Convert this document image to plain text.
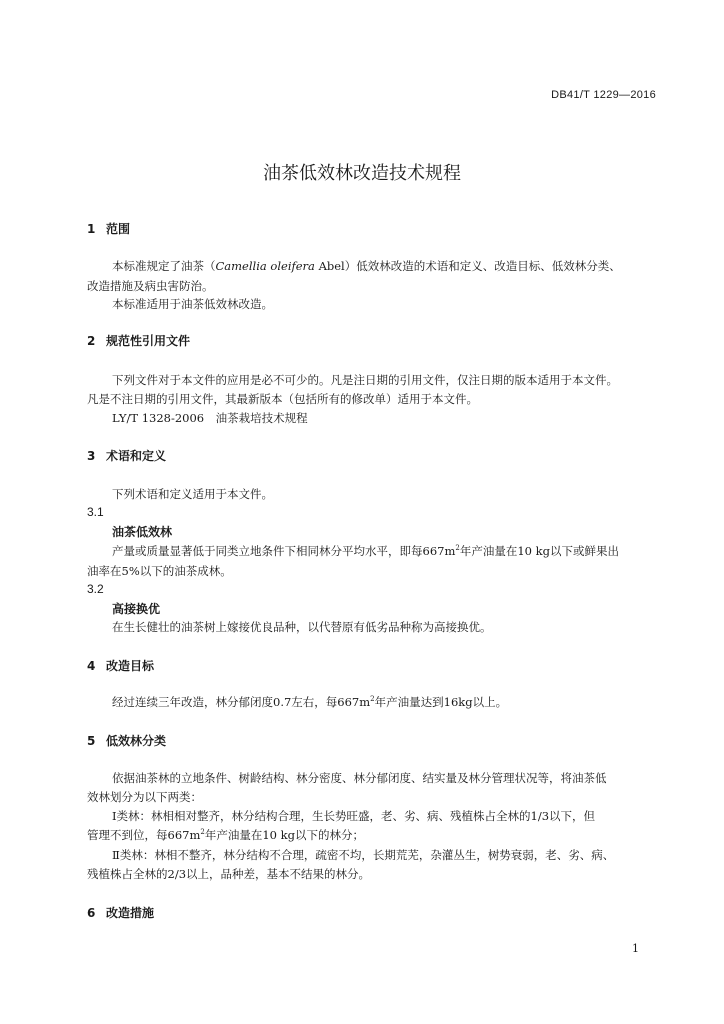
DB41/T 1229—2016
油茶低效林改造技术规程
1 范围
本标准规定了油茶（Camellia oleifera Abel）低效林改造的术语和定义、改造目标、低效林分类、
改造措施及病虫害防治。
本标准适用于油茶低效林改造。
2 规范性引用文件
下列文件对于本文件的应用是必不可少的。凡是注日期的引用文件，仅注日期的版本适用于本文件。
凡是不注日期的引用文件，其最新版本（包括所有的修改单）适用于本文件。
LY/T 1328-2006　油茶栽培技术规程
3 术语和定义
下列术语和定义适用于本文件。
3.1
油茶低效林
产量或质量显著低于同类立地条件下相同林分平均水平，即每$667m^2$年产油量在10 kg以下或鲜果出
油率在5%以下的油茶成林。
3.2
高接换优
在生长健壮的油茶树上嫁接优良品种，以代替原有低劣品种称为高接换优。
4 改造目标
经过连续三年改造，林分郁闭度0.7左右，每$667m^2$年产油量达到16kg以上。
5 低效林分类
依据油茶林的立地条件、树龄结构、林分密度、林分郁闭度、结实量及林分管理状况等，将油茶低
效林划分为以下两类：
Ⅰ类林：林相相对整齐，林分结构合理，生长势旺盛，老、劣、病、残植株占全林的1/3以下，但
管理不到位，每$667m^2$年产油量在10 kg以下的林分；
Ⅱ类林：林相不整齐，林分结构不合理，疏密不均，长期荒芜，杂灌丛生，树势衰弱，老、劣、病、
残植株占全林的2/3以上，品种差，基本不结果的林分。
6 改造措施
1
